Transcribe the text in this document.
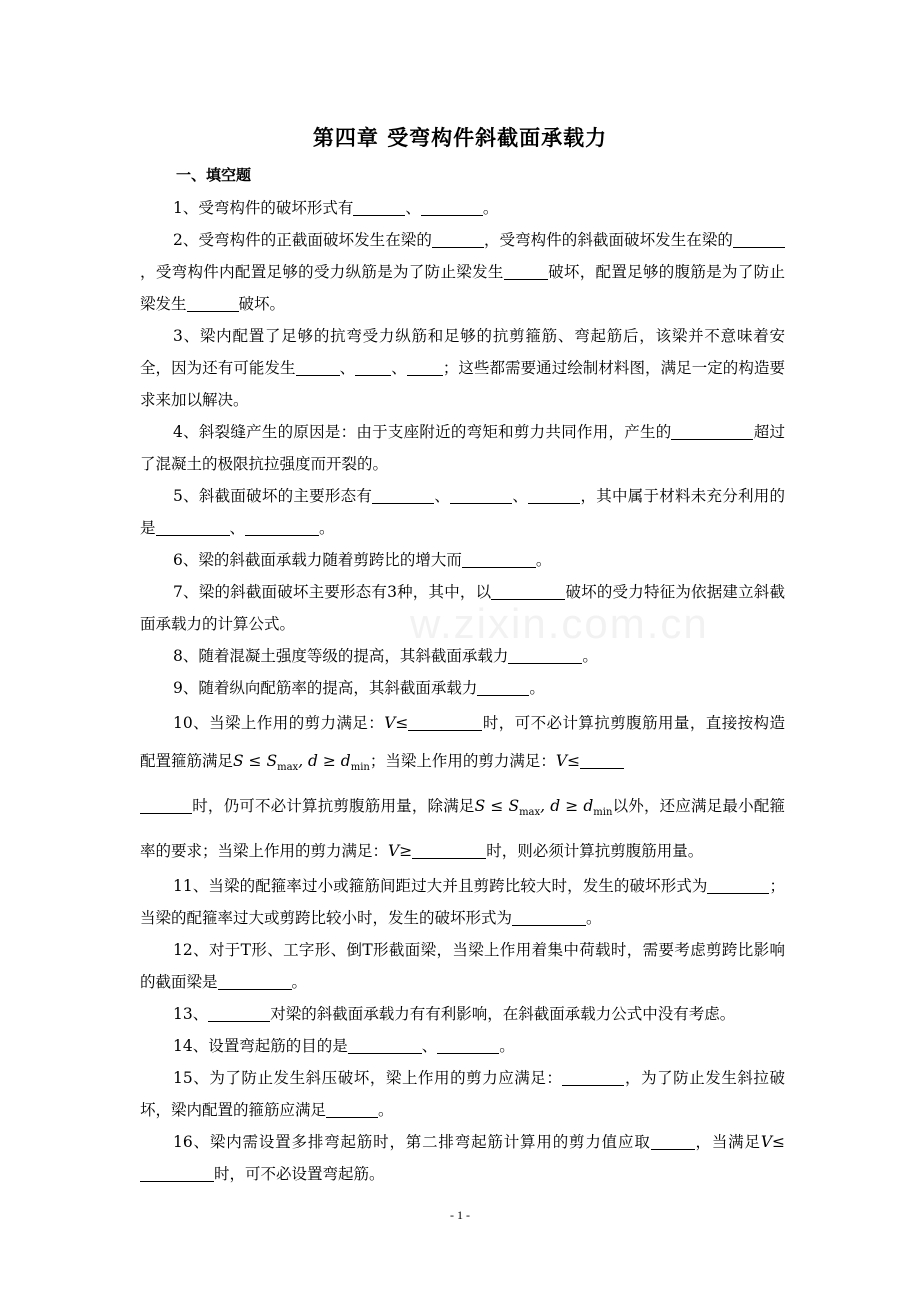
w.zixin.com.cn
第四章 受弯构件斜截面承载力
一、填空题

1、受弯构件的破坏形式有	、	。

2、受弯构件的正截面破坏发生在梁的	，受弯构件的斜截面破坏发生在梁的，受弯构件内配置足够的受力纵筋是为了防止梁发生	破坏，配置足够的腹筋是为了防止梁发生	破坏。

3、梁内配置了足够的抗弯受力纵筋和足够的抗剪箍筋、弯起筋后，该梁并不意味着安全，因为还有可能发生	、 、 ；这些都需要通过绘制材料图，满足一定的构造要求来加以解决。

4、斜裂缝产生的原因是：由于支座附近的弯矩和剪力共同作用，产生的	超过了混凝土的极限抗拉强度而开裂的。

5、斜截面破坏的主要形态有	、	、	，其中属于材料未充分利用的是	、	。

6、梁的斜截面承载力随着剪跨比的增大而	。

7、梁的斜截面破坏主要形态有3种，其中，以	破坏的受力特征为依据建立斜截面承载力的计算公式。

8、随着混凝土强度等级的提高，其斜截面承载力	。

9、随着纵向配筋率的提高，其斜截面承载力	。

10、当梁上作用的剪力满足：V≤	时，可不必计算抗剪腹筋用量，直接按构造配置箍筋满足$S \le S_{max}$, $d \ge d_{min}$；当梁上作用的剪力满足：V≤
时，仍可不必计算抗剪腹筋用量，除满足$S \le S_{max}$, $d \ge d_{min}$以外，还应满足最小配箍率的要求；当梁上作用的剪力满足：V≥	时，则必须计算抗剪腹筋用量。

11、当梁的配箍率过小或箍筋间距过大并且剪跨比较大时，发生的破坏形式为	；当梁的配箍率过大或剪跨比较小时，发生的破坏形式为	。

12、对于T形、工字形、倒T形截面梁，当梁上作用着集中荷载时，需要考虑剪跨比影响的截面梁是	。

13、	对梁的斜截面承载力有有利影响，在斜截面承载力公式中没有考虑。

14、设置弯起筋的目的是	、	。

15、为了防止发生斜压破坏，梁上作用的剪力应满足：	，为了防止发生斜拉破坏，梁内配置的箍筋应满足	。

16、梁内需设置多排弯起筋时，第二排弯起筋计算用的剪力值应取	，当满足V≤时，可不必设置弯起筋。

- 1 -
